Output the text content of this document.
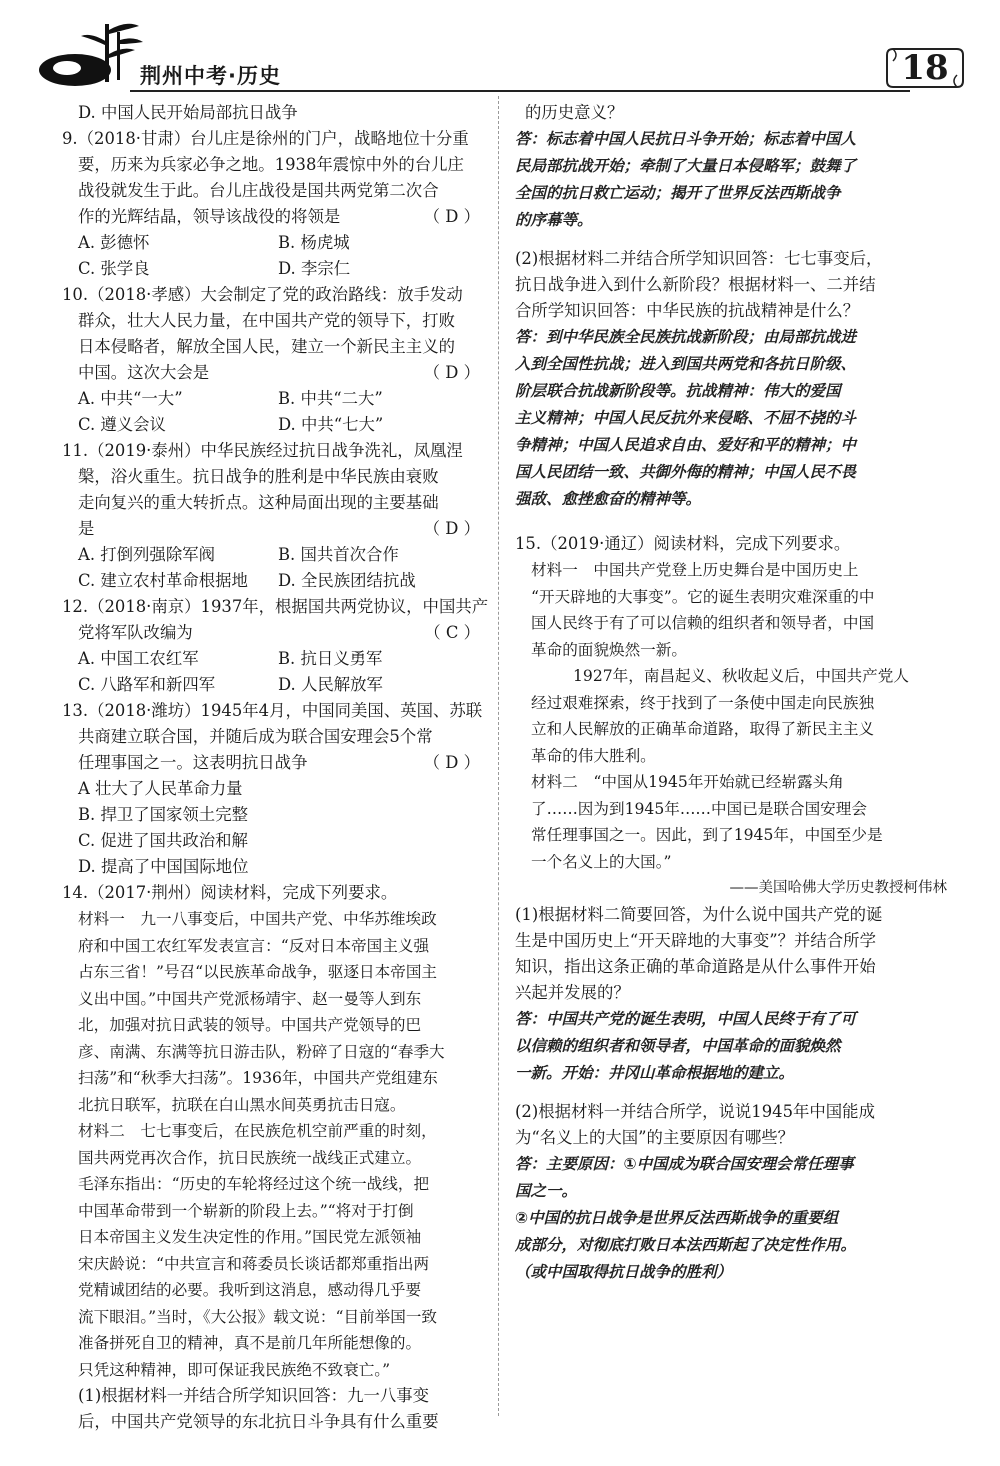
荆州中考·历史	18
D. 中国人民开始局部抗日战争
9.（2018·甘肃）台儿庄是徐州的门户，战略地位十分重
要，历来为兵家必争之地。1938年震惊中外的台儿庄
战役就发生于此。台儿庄战役是国共两党第二次合
作的光辉结晶，领导该战役的将领是	（ D ）
A. 彭德怀	B. 杨虎城
C. 张学良	D. 李宗仁
10.（2018·孝感）大会制定了党的政治路线：放手发动
群众，壮大人民力量，在中国共产党的领导下，打败
日本侵略者，解放全国人民，建立一个新民主主义的
中国。这次大会是	（ D ）
A. 中共“一大”	B. 中共“二大”
C. 遵义会议	D. 中共“七大”
11.（2019·泰州）中华民族经过抗日战争洗礼，凤凰涅
槃，浴火重生。抗日战争的胜利是中华民族由衰败
走向复兴的重大转折点。这种局面出现的主要基础
是	（ D ）
A. 打倒列强除军阀	B. 国共首次合作
C. 建立农村革命根据地	D. 全民族团结抗战
12.（2018·南京）1937年，根据国共两党协议，中国共产
党将军队改编为	（ C ）
A. 中国工农红军	B. 抗日义勇军
C. 八路军和新四军	D. 人民解放军
13.（2018·潍坊）1945年4月，中国同美国、英国、苏联
共商建立联合国，并随后成为联合国安理会5个常
任理事国之一。这表明抗日战争	（ D ）
A 壮大了人民革命力量
B. 捍卫了国家领土完整
C. 促进了国共政治和解
D. 提高了中国国际地位
14.（2017·荆州）阅读材料，完成下列要求。
材料一　九一八事变后，中国共产党、中华苏维埃政
府和中国工农红军发表宣言：“反对日本帝国主义强
占东三省！”号召“以民族革命战争，驱逐日本帝国主
义出中国。”中国共产党派杨靖宇、赵一曼等人到东
北，加强对抗日武装的领导。中国共产党领导的巴
彦、南满、东满等抗日游击队，粉碎了日寇的“春季大
扫荡”和“秋季大扫荡”。1936年，中国共产党组建东
北抗日联军，抗联在白山黑水间英勇抗击日寇。
材料二　七七事变后，在民族危机空前严重的时刻，
国共两党再次合作，抗日民族统一战线正式建立。
毛泽东指出：“历史的车轮将经过这个统一战线，把
中国革命带到一个崭新的阶段上去。”“将对于打倒
日本帝国主义发生决定性的作用。”国民党左派领袖
宋庆龄说：“中共宣言和蒋委员长谈话都郑重指出两
党精诚团结的必要。我听到这消息，感动得几乎要
流下眼泪。”当时，《大公报》载文说：“目前举国一致
准备拼死自卫的精神，真不是前几年所能想像的。
只凭这种精神，即可保证我民族绝不致衰亡。”
(1)根据材料一并结合所学知识回答：九一八事变
后，中国共产党领导的东北抗日斗争具有什么重要
的历史意义？
答：标志着中国人民抗日斗争开始；标志着中国人
民局部抗战开始；牵制了大量日本侵略军；鼓舞了
全国的抗日救亡运动；揭开了世界反法西斯战争
的序幕等。
(2)根据材料二并结合所学知识回答：七七事变后，
抗日战争进入到什么新阶段？根据材料一、二并结
合所学知识回答：中华民族的抗战精神是什么？
答：到中华民族全民族抗战新阶段；由局部抗战进
入到全国性抗战；进入到国共两党和各抗日阶级、
阶层联合抗战新阶段等。抗战精神：伟大的爱国
主义精神；中国人民反抗外来侵略、不屈不挠的斗
争精神；中国人民追求自由、爱好和平的精神；中
国人民团结一致、共御外侮的精神；中国人民不畏
强敌、愈挫愈奋的精神等。
15.（2019·通辽）阅读材料，完成下列要求。
材料一　中国共产党登上历史舞台是中国历史上
“开天辟地的大事变”。它的诞生表明灾难深重的中
国人民终于有了可以信赖的组织者和领导者，中国
革命的面貌焕然一新。
1927年，南昌起义、秋收起义后，中国共产党人
经过艰难探索，终于找到了一条使中国走向民族独
立和人民解放的正确革命道路，取得了新民主主义
革命的伟大胜利。
材料二　“中国从1945年开始就已经崭露头角
了……因为到1945年……中国已是联合国安理会
常任理事国之一。因此，到了1945年，中国至少是
一个名义上的大国。”
——美国哈佛大学历史教授柯伟林
(1)根据材料二简要回答，为什么说中国共产党的诞
生是中国历史上“开天辟地的大事变”？并结合所学
知识，指出这条正确的革命道路是从什么事件开始
兴起并发展的？
答：中国共产党的诞生表明，中国人民终于有了可
以信赖的组织者和领导者，中国革命的面貌焕然
一新。开始：井冈山革命根据地的建立。
(2)根据材料一并结合所学，说说1945年中国能成
为“名义上的大国”的主要原因有哪些？
答：主要原因：①中国成为联合国安理会常任理事
国之一。
②中国的抗日战争是世界反法西斯战争的重要组
成部分，对彻底打败日本法西斯起了决定性作用。
（或中国取得抗日战争的胜利）
